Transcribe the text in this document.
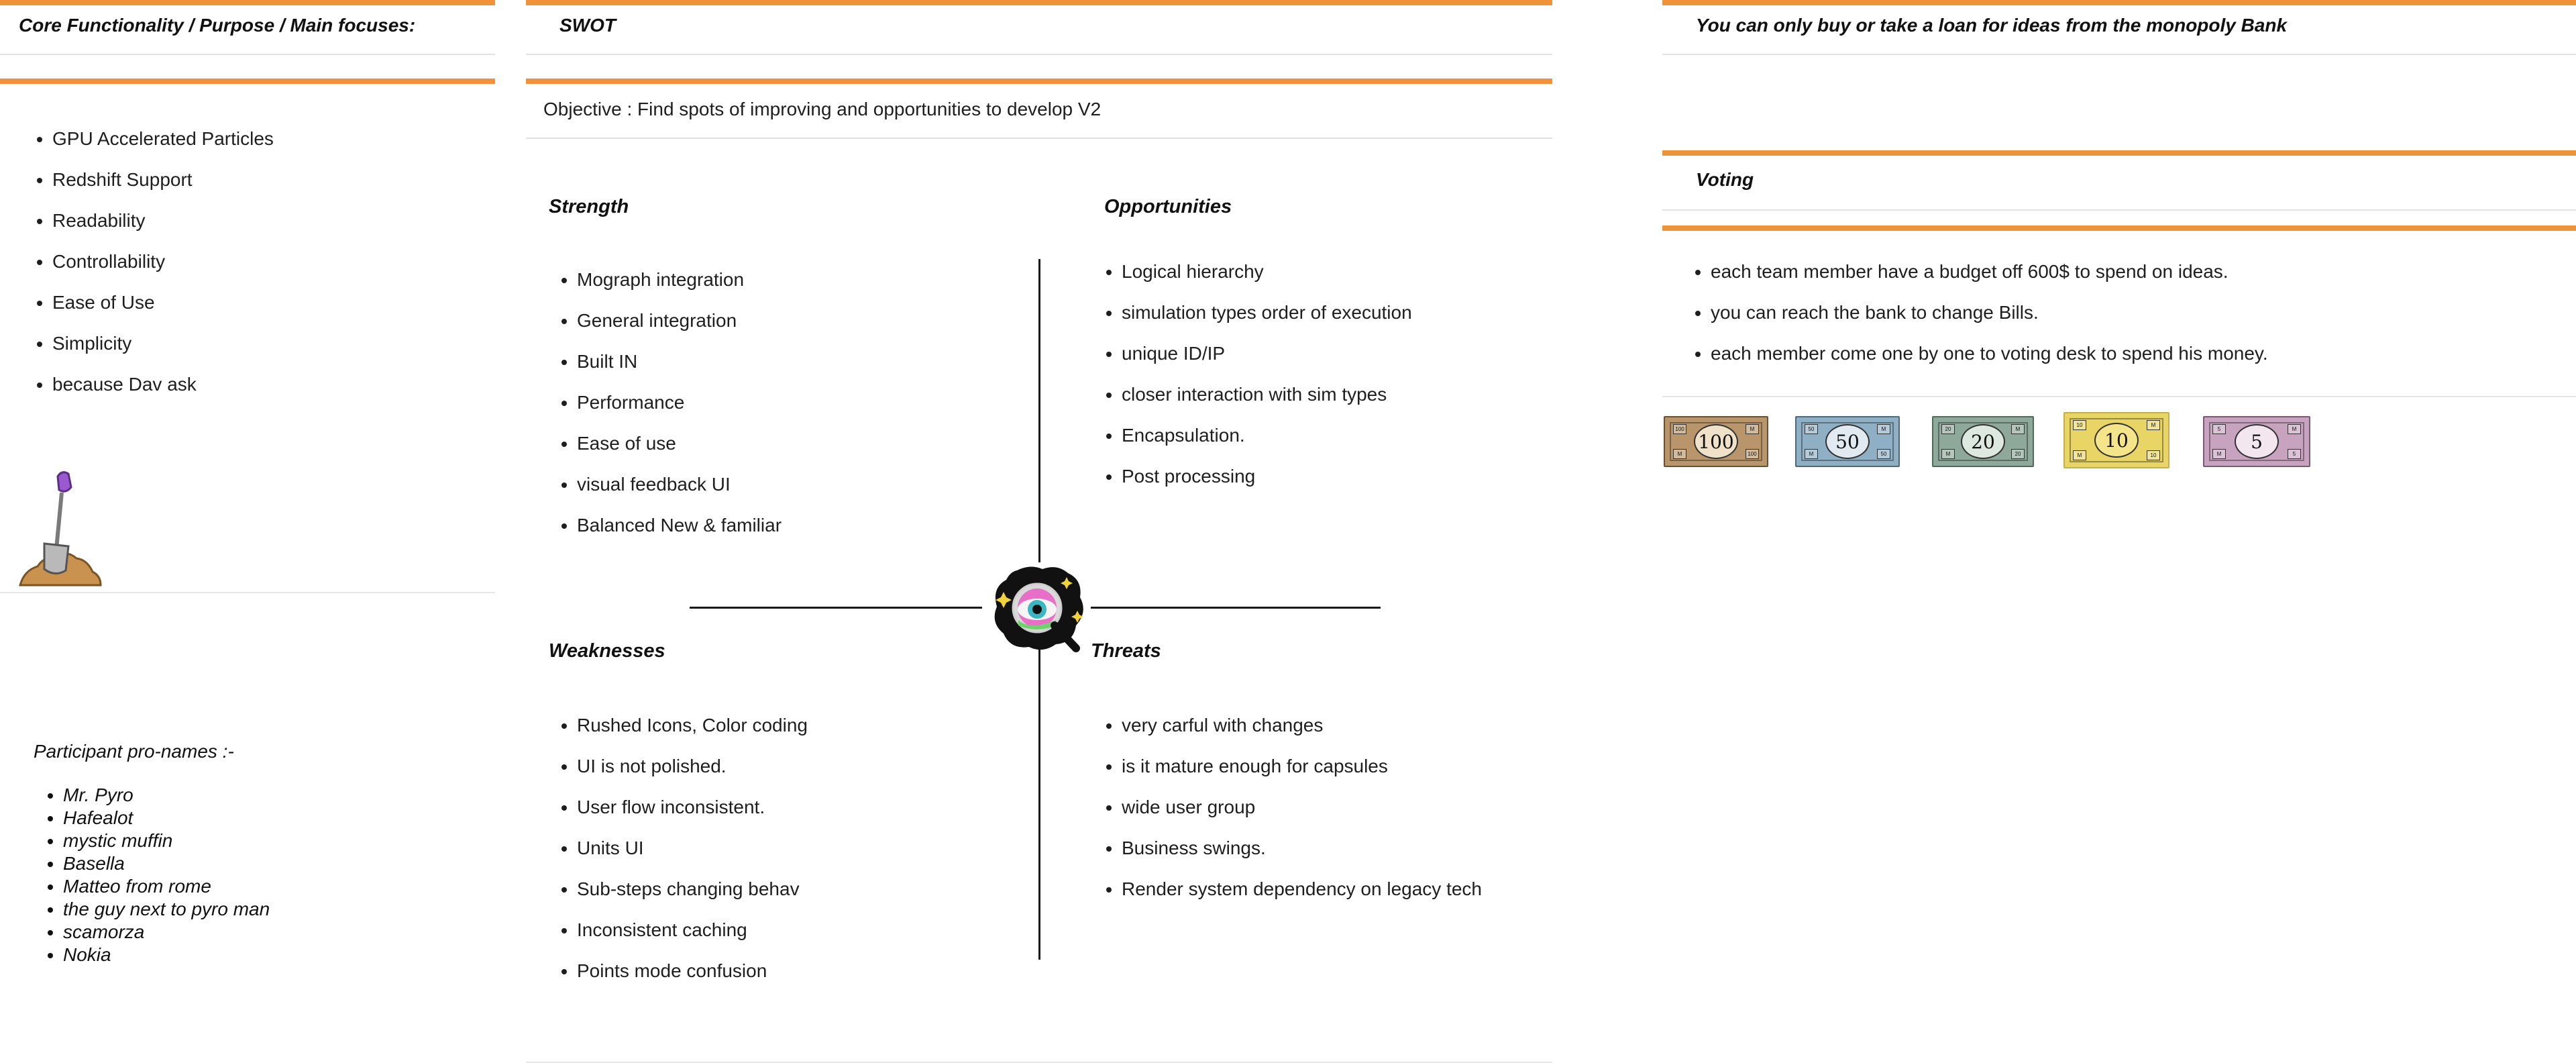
Core Functionality / Purpose / Main focuses:
• GPU Accelerated Particles
• Redshift Support
• Readability
• Controllability
• Ease of Use
• Simplicity
• because Dav ask
Participant pro-names :-
• Mr. Pyro
• Hafealot
• mystic muffin
• Basella
• Matteo from rome
• the guy next to pyro man
• scamorza
• Nokia
SWOT
Objective : Find spots of improving and opportunities to develop V2
Strength
• Mograph integration
• General integration
• Built IN
• Performance
• Ease of use
• visual feedback UI
• Balanced New & familiar
Opportunities
• Logical hierarchy
• simulation types order of execution
• unique ID/IP
• closer interaction with sim types
• Encapsulation.
• Post processing
Weaknesses
• Rushed Icons, Color coding
• UI is not polished.
• User flow inconsistent.
• Units UI
• Sub-steps changing behav
• Inconsistent caching
• Points mode confusion
Threats
• very carful with changes
• is it mature enough for capsules
• wide user group
• Business swings.
• Render system dependency on legacy tech
You can only buy or take a loan for ideas from the monopoly Bank
Voting
• each team member have a budget off 600$ to spend on ideas.
• you can reach the bank to change Bills.
• each member come one by one to voting desk to spend his money.
100	M
M	100
100
50	M
M	50
50
20	M
M	20
20
10	M
M	10
10	5	M
M	5
5
